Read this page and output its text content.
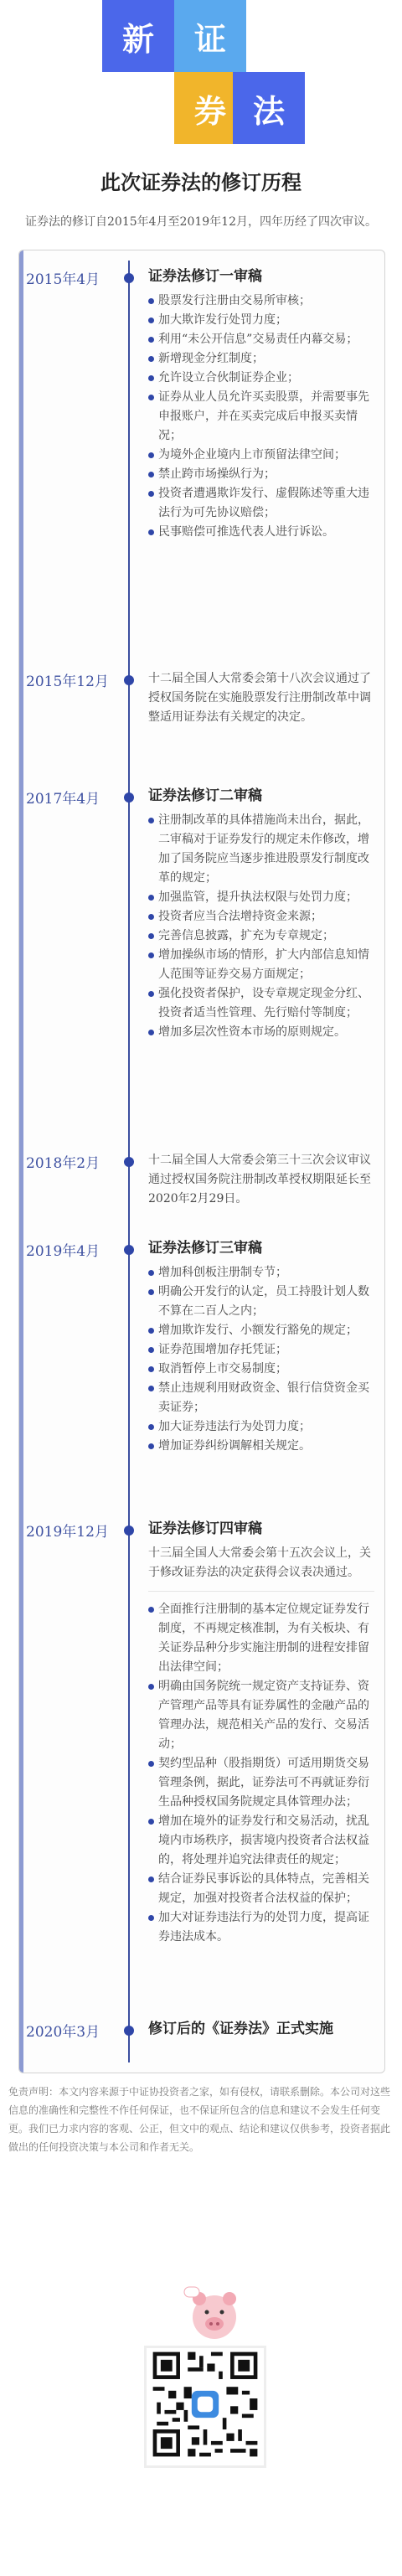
新	证
券 法
此次证券法的修订历程
证券法的修订自2015年4月至2019年12月，四年历经了四次审议。
2015年4月	证券法修订一审稿
股票发行注册由交易所审核；
加大欺诈发行处罚力度；
利用“未公开信息”交易责任内幕交易；
新增现金分红制度；
允许设立合伙制证券企业；
证券从业人员允许买卖股票，并需要事先申报账户，并在买卖完成后申报买卖情况；
为境外企业境内上市预留法律空间；
禁止跨市场操纵行为；
投资者遭遇欺诈发行、虚假陈述等重大违法行为可先协议赔偿；
民事赔偿可推选代表人进行诉讼。
2015年12月	十二届全国人大常委会第十八次会议通过了授权国务院在实施股票发行注册制改革中调整适用证券法有关规定的决定。
2017年4月	证券法修订二审稿
注册制改革的具体措施尚未出台，据此，二审稿对于证券发行的规定未作修改，增加了国务院应当逐步推进股票发行制度改革的规定；
加强监管，提升执法权限与处罚力度；
投资者应当合法增持资金来源；
完善信息披露，扩充为专章规定；
增加操纵市场的情形，扩大内部信息知情人范围等证券交易方面规定；
强化投资者保护，设专章规定现金分红、投资者适当性管理、先行赔付等制度；
增加多层次性资本市场的原则规定。
2018年2月	十二届全国人大常委会第三十三次会议审议通过授权国务院注册制改革授权期限延长至2020年2月29日。
2019年4月	证券法修订三审稿
增加科创板注册制专节；
明确公开发行的认定，员工持股计划人数不算在二百人之内；
增加欺诈发行、小额发行豁免的规定；
证券范围增加存托凭证；
取消暂停上市交易制度；
禁止违规利用财政资金、银行信贷资金买卖证券；
加大证券违法行为处罚力度；
增加证券纠纷调解相关规定。
2019年12月	证券法修订四审稿
十三届全国人大常委会第十五次会议上，关于修改证券法的决定获得会议表决通过。
全面推行注册制的基本定位规定证券发行制度，不再规定核准制，为有关板块、有关证券品种分步实施注册制的进程安排留出法律空间；
明确由国务院统一规定资产支持证券、资产管理产品等具有证券属性的金融产品的管理办法，规范相关产品的发行、交易活动；
契约型品种（股指期货）可适用期货交易管理条例，据此，证券法可不再就证券衍生品种授权国务院规定具体管理办法；
增加在境外的证券发行和交易活动，扰乱境内市场秩序，损害境内投资者合法权益的，将处理并追究法律责任的规定；
结合证券民事诉讼的具体特点，完善相关规定，加强对投资者合法权益的保护；
加大对证券违法行为的处罚力度，提高证券违法成本。
2020年3月	修订后的《证券法》正式实施
免责声明：本文内容来源于中证协投资者之家，如有侵权，请联系删除。本公司对这些信息的准确性和完整性不作任何保证，也不保证所包含的信息和建议不会发生任何变更。我们已力求内容的客观、公正，但文中的观点、结论和建议仅供参考，投资者据此做出的任何投资决策与本公司和作者无关。
